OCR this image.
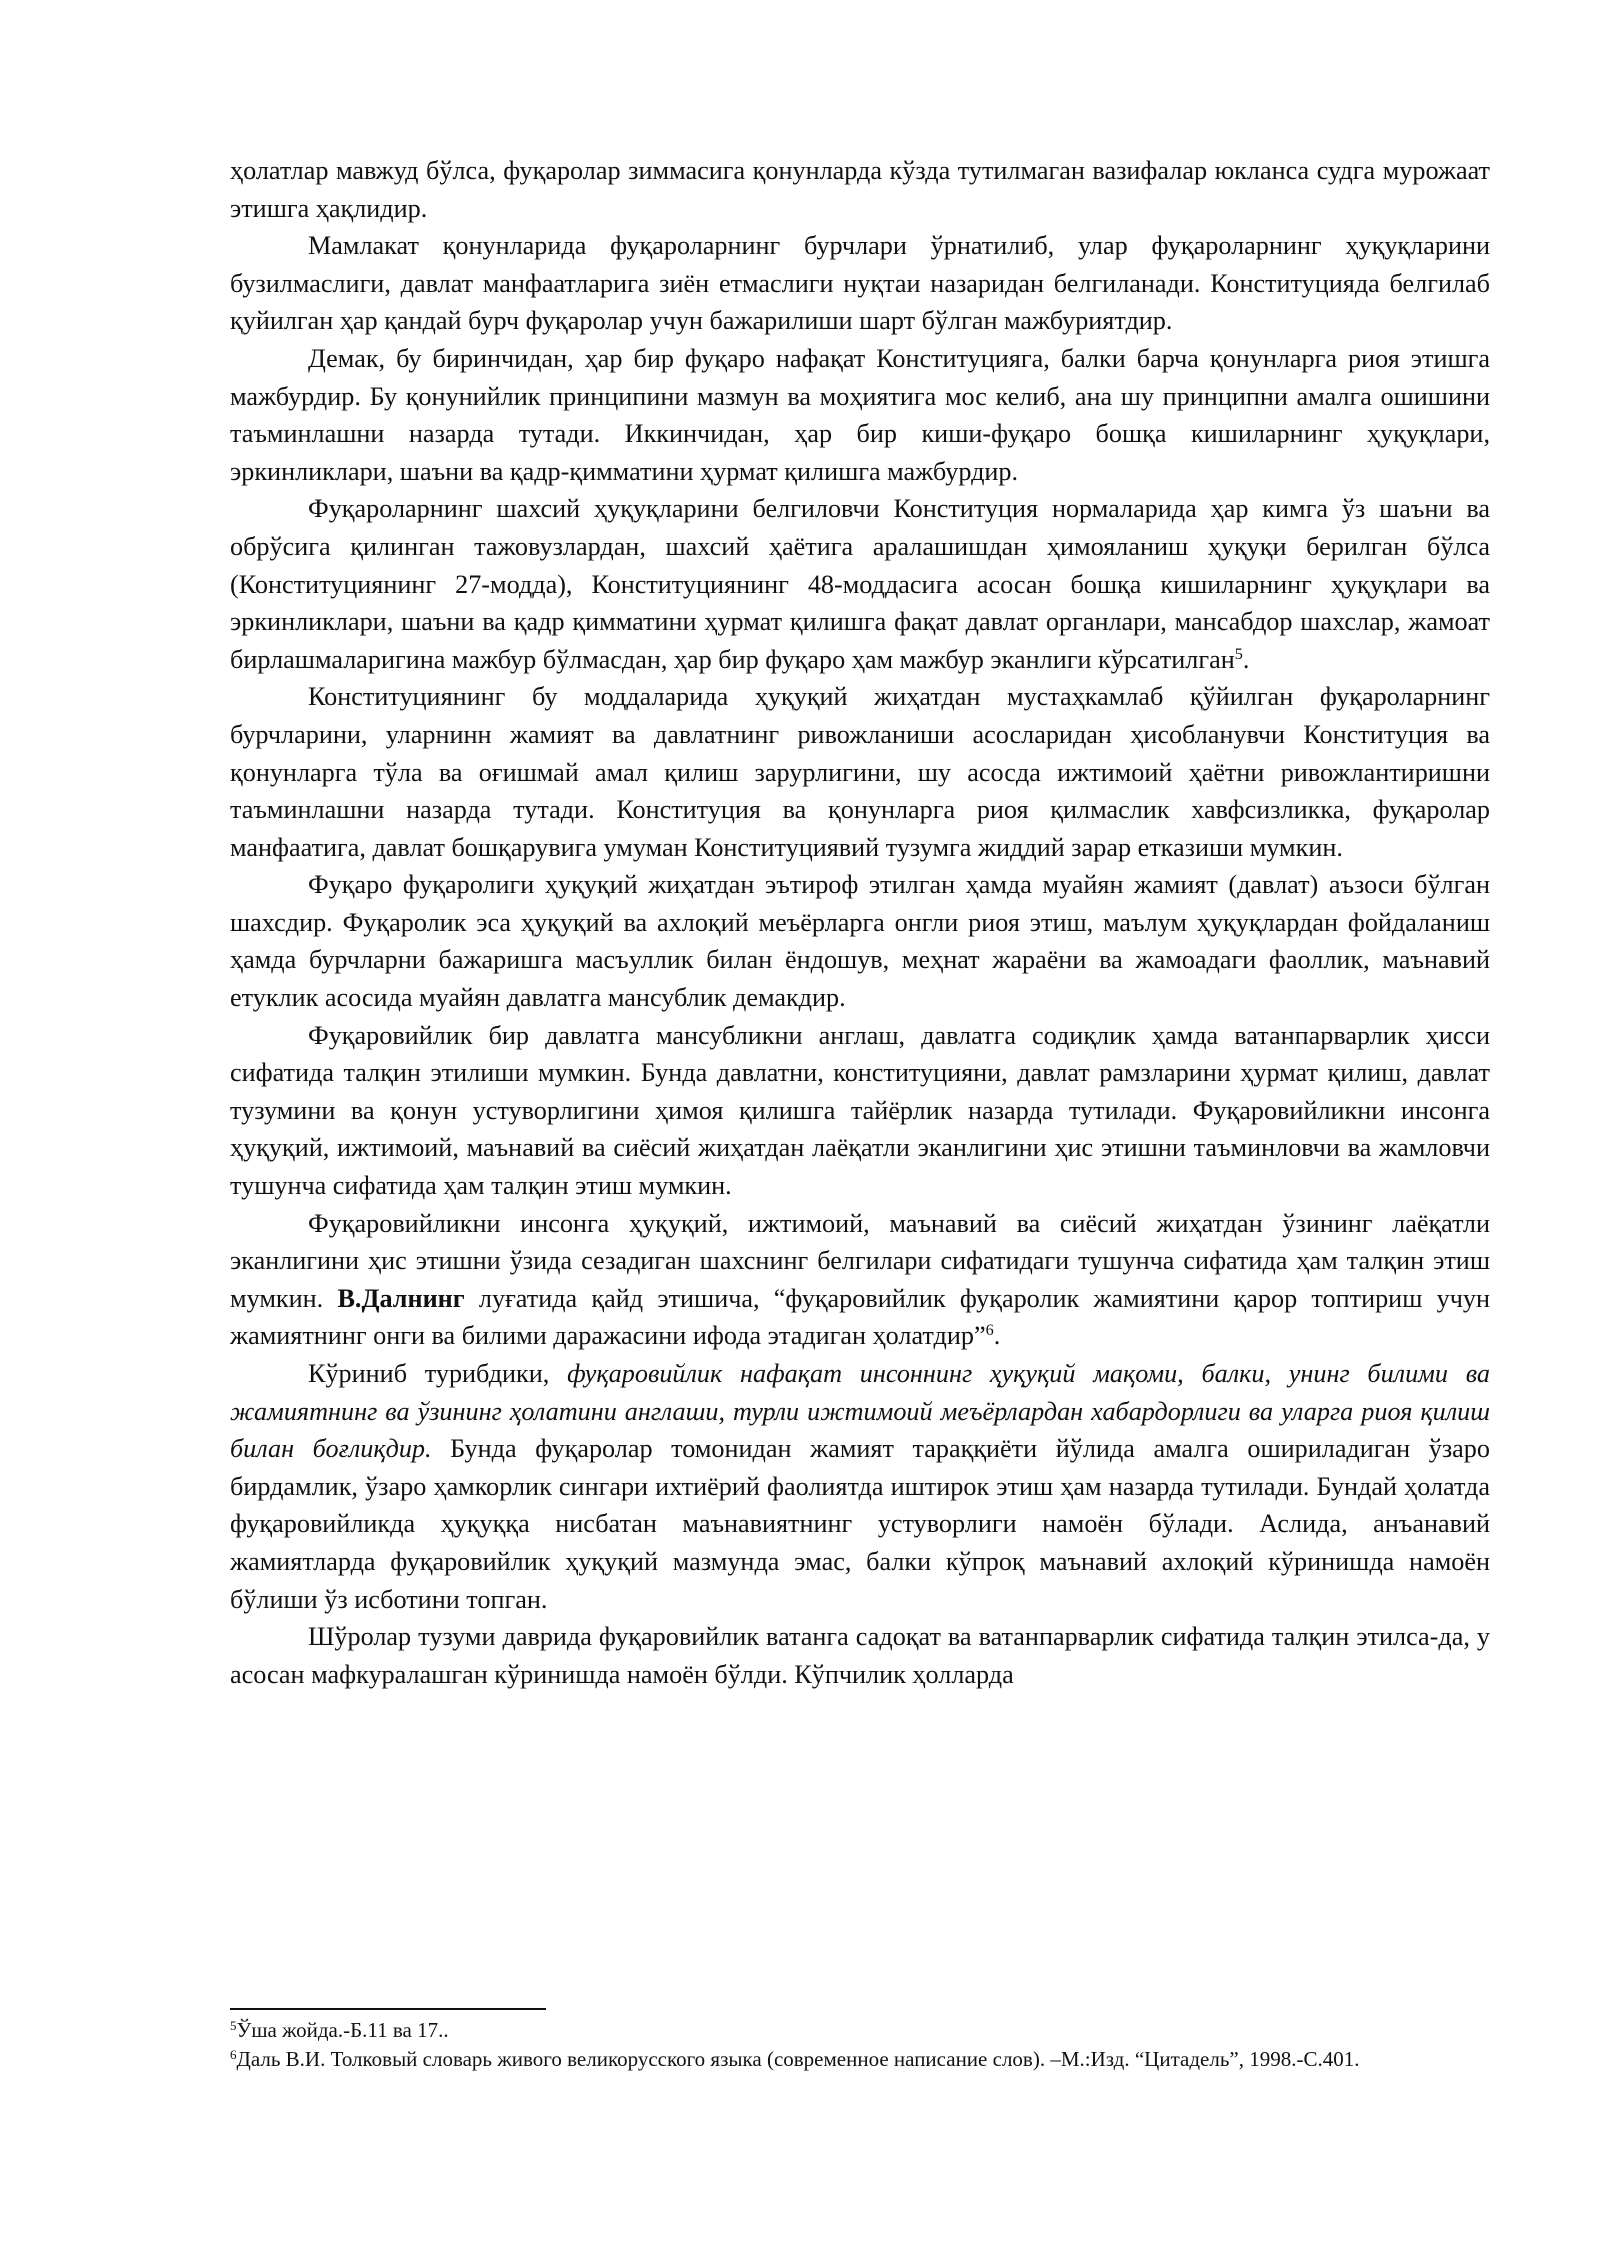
ҳолатлар мавжуд бўлса, фуқаролар зиммасига қонунларда кўзда тутилмаган вазифалар юкланса судга мурожаат этишга ҳақлидир.

Мамлакат қонунларида фуқароларнинг бурчлари ўрнатилиб, улар фуқароларнинг ҳуқуқларини бузилмаслиги, давлат манфаатларига зиён етмаслиги нуқтаи назаридан белгиланади. Конституцияда белгилаб қуйилган ҳар қандай бурч фуқаролар учун бажарилиши шарт бўлган мажбуриятдир.

Демак, бу биринчидан, ҳар бир фуқаро нафақат Конституцияга, балки барча қонунларга риоя этишга мажбурдир. Бу қонунийлик принципини мазмун ва моҳиятига мос келиб, ана шу принципни амалга ошишини таъминлашни назарда тутади. Иккинчидан, ҳар бир киши-фуқаро бошқа кишиларнинг ҳуқуқлари, эркинликлари, шаъни ва қадр-қимматини ҳурмат қилишга мажбурдир.

Фуқароларнинг шахсий ҳуқуқларини белгиловчи Конституция нормаларида ҳар кимга ўз шаъни ва обрўсига қилинган тажовузлардан, шахсий ҳаётига аралашишдан ҳимояланиш ҳуқуқи берилган бўлса (Конституциянинг 27-модда), Конституциянинг 48-моддасига асосан бошқа кишиларнинг ҳуқуқлари ва эркинликлари, шаъни ва қадр қимматини ҳурмат қилишга фақат давлат органлари, мансабдор шахслар, жамоат бирлашмаларигина мажбур бўлмасдан, ҳар бир фуқаро ҳам мажбур эканлиги кўрсатилган$^5$.

Конституциянинг бу моддаларида ҳуқуқий жиҳатдан мустаҳкамлаб қўйилган фуқароларнинг бурчларини, уларнинн жамият ва давлатнинг ривожланиши асосларидан ҳисобланувчи Конституция ва қонунларга тўла ва оғишмай амал қилиш зарурлигини, шу асосда ижтимоий ҳаётни ривожлантиришни таъминлашни назарда тутади. Конституция ва қонунларга риоя қилмаслик хавфсизликка, фуқаролар манфаатига, давлат бошқарувига умуман Конституциявий тузумга жиддий зарар етказиши мумкин.

Фуқаро фуқаролиги ҳуқуқий жиҳатдан эътироф этилган ҳамда муайян жамият (давлат) аъзоси бўлган шахсдир. Фуқаролик эса ҳуқуқий ва ахлоқий меъёрларга онгли риоя этиш, маълум ҳуқуқлардан фойдаланиш ҳамда бурчларни бажаришга масъуллик билан ёндошув, меҳнат жараёни ва жамоадаги фаоллик, маънавий етуклик асосида муайян давлатга мансублик демакдир.

Фуқаровийлик бир давлатга мансубликни англаш, давлатга содиқлик ҳамда ватанпарварлик ҳисси сифатида талқин этилиши мумкин. Бунда давлатни, конституцияни, давлат рамзларини ҳурмат қилиш, давлат тузумини ва қонун устуворлигини ҳимоя қилишга тайёрлик назарда тутилади. Фуқаровийликни инсонга ҳуқуқий, ижтимоий, маънавий ва сиёсий жиҳатдан лаёқатли эканлигини ҳис этишни таъминловчи ва жамловчи тушунча сифатида ҳам талқин этиш мумкин.

Фуқаровийликни инсонга ҳуқуқий, ижтимоий, маънавий ва сиёсий жиҳатдан ўзининг лаёқатли эканлигини ҳис этишни ўзида сезадиган шахснинг белгилари сифатидаги тушунча сифатида ҳам талқин этиш мумкин. В.Далнинг луғатида қайд этишича, “фуқаровийлик фуқаролик жамиятини қарор топтириш учун жамиятнинг онги ва билими даражасини ифода этадиган ҳолатдир”$^6$.

Кўриниб турибдики, фуқаровийлик нафақат инсоннинг ҳуқуқий мақоми, балки, унинг билими ва жамиятнинг ва ўзининг ҳолатини англаши, турли ижтимоий меъёрлардан хабардорлиги ва уларга риоя қилиш билан боғлиқдир. Бунда фуқаролар томонидан жамият тараққиёти йўлида амалга ошириладиган ўзаро бирдамлик, ўзаро ҳамкорлик сингари ихтиёрий фаолиятда иштирок этиш ҳам назарда тутилади. Бундай ҳолатда фуқаровийликда ҳуқуққа нисбатан маънавиятнинг устуворлиги намоён бўлади. Аслида, анъанавий жамиятларда фуқаровийлик ҳуқуқий мазмунда эмас, балки кўпроқ маънавий ахлоқий кўринишда намоён бўлиши ўз исботини топган.

Шўролар тузуми даврида фуқаровийлик ватанга садоқат ва ватанпарварлик сифатида талқин этилса-да, у асосан мафкуралашган кўринишда намоён бўлди. Кўпчилик ҳолларда

$^5$Ўша жойда.-Б.11 ва 17..

$^6$Даль В.И. Толковый словарь живого великорусского языка (современное написание слов). –М.:Изд. “Цитадель”, 1998.-С.401.
